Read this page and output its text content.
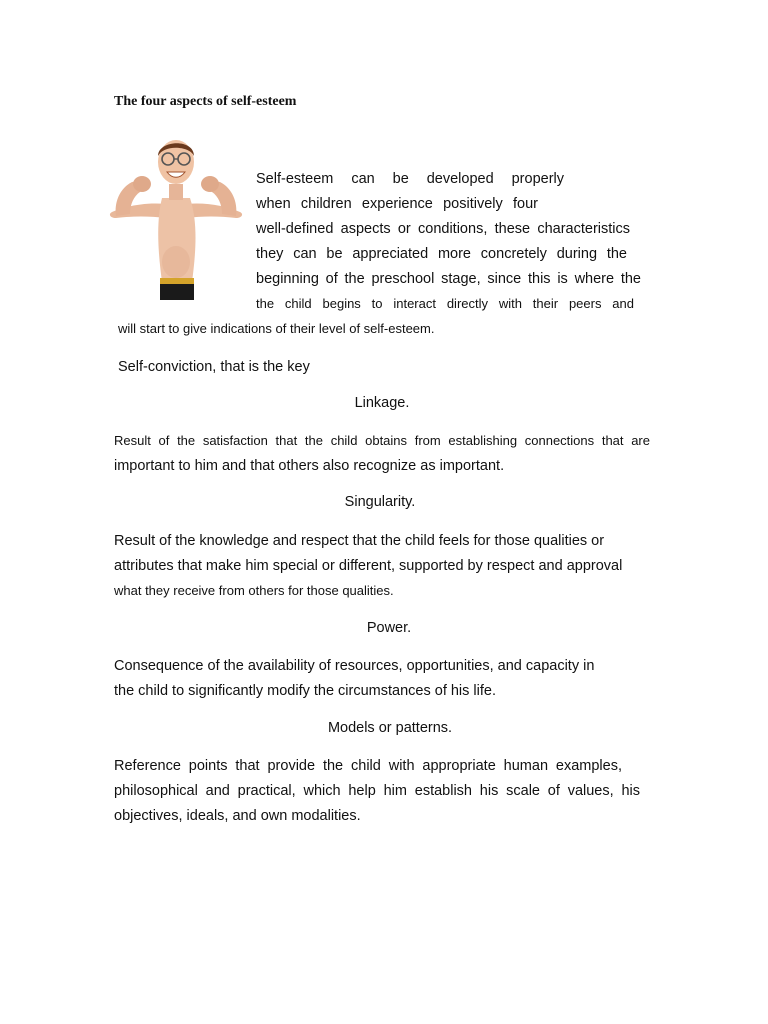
The four aspects of self-esteem
Self-esteem can be developed properly
when children experience positively four
well-defined aspects or conditions, these characteristics
they can be appreciated more concretely during the
beginning of the preschool stage, since this is where the
the child begins to interact directly with their peers and
will start to give indications of their level of self-esteem.
Self-conviction, that is the key
Linkage.
Result of the satisfaction that the child obtains from establishing connections that are
important to him and that others also recognize as important.
Singularity.
Result of the knowledge and respect that the child feels for those qualities or
attributes that make him special or different, supported by respect and approval
what they receive from others for those qualities.
Power.
Consequence of the availability of resources, opportunities, and capacity in
the child to significantly modify the circumstances of his life.
Models or patterns.
Reference points that provide the child with appropriate human examples,
philosophical and practical, which help him establish his scale of values, his
objectives, ideals, and own modalities.
